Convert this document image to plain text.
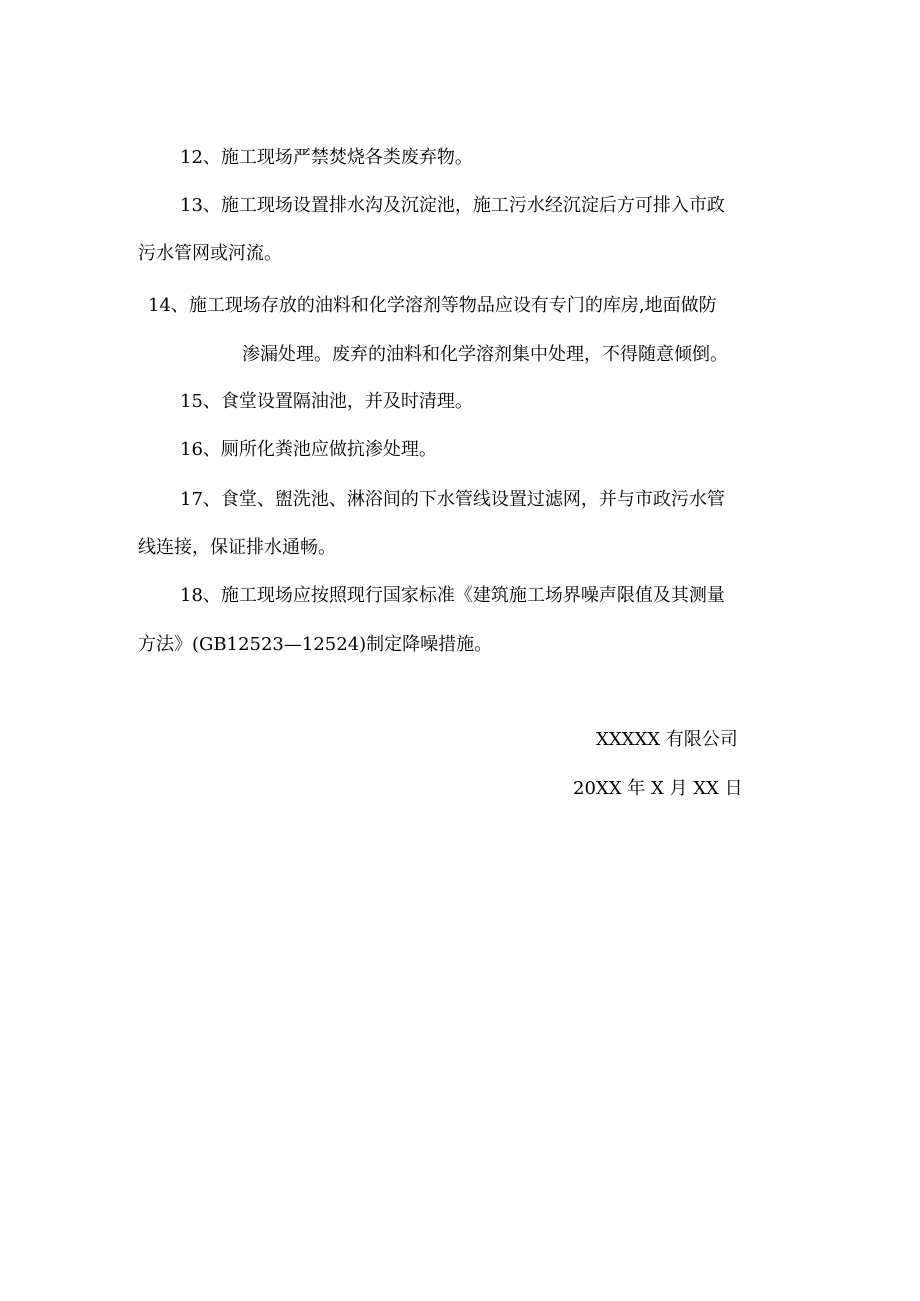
12、施工现场严禁焚烧各类废弃物。
13、施工现场设置排水沟及沉淀池，施工污水经沉淀后方可排入市政
污水管网或河流。
14、施工现场存放的油料和化学溶剂等物品应设有专门的库房,地面做防
渗漏处理。废弃的油料和化学溶剂集中处理，不得随意倾倒。
15、食堂设置隔油池，并及时清理。
16、厕所化粪池应做抗渗处理。
17、食堂、盥洗池、淋浴间的下水管线设置过滤网，并与市政污水管
线连接，保证排水通畅。
18、施工现场应按照现行国家标准《建筑施工场界噪声限值及其测量
方法》(GB12523—12524)制定降噪措施。
XXXXX 有限公司
20XX 年 X 月 XX 日
